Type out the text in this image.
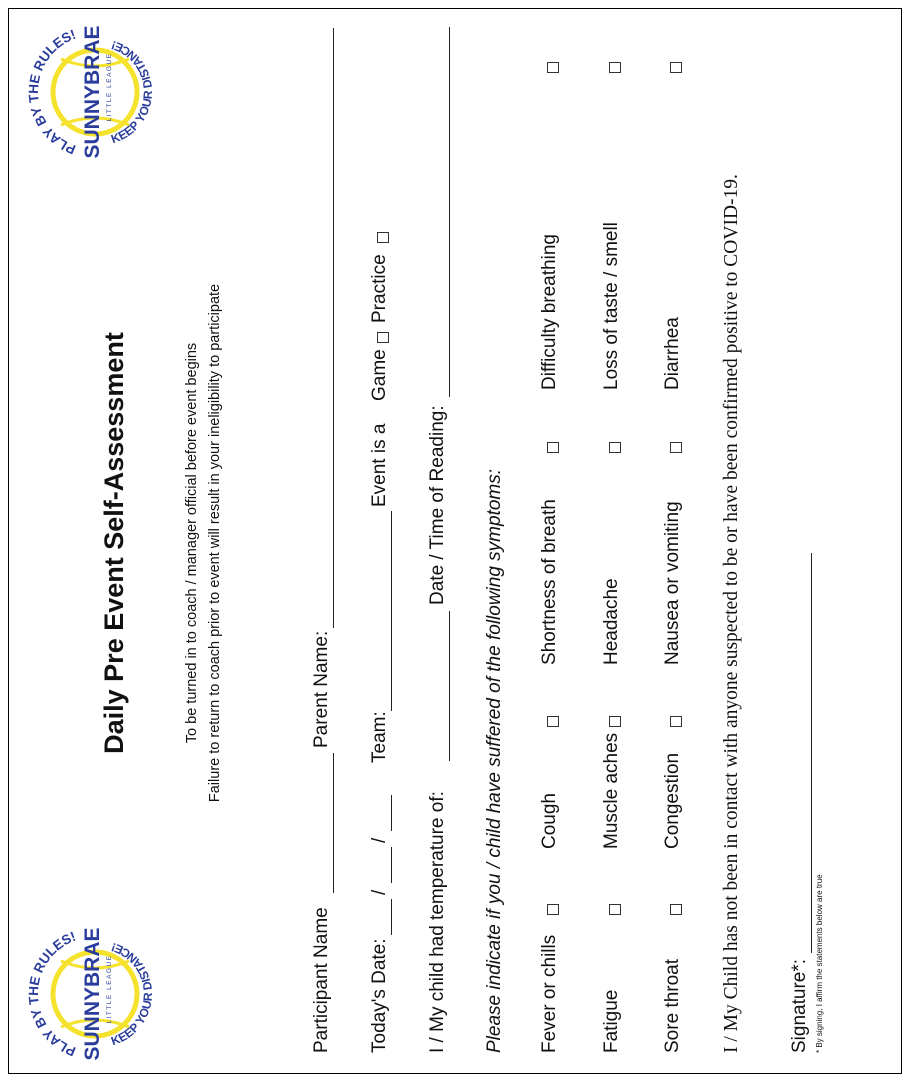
PLAY BY THE RULES! SUNNYBRAE LITTLE LEAGUE
KEEP YOUR DISTANCE!
PLAY BY THE RULES! SUNNYBRAE LITTLE LEAGUE
KEEP YOUR DISTANCE!
Daily Pre Event Self-Assessment	To be turned in to coach / manager official before event begins Failure to return to coach prior to event will result in your ineligibility to participate
Participant Name
Parent Name:
Today's Date:
/
/
Team:
Event is a
Game
Practice
I / My child had temperature of:
Date / Time of Reading: Please indicate if you / child have suffered of the following symptoms: Fever or chills
Cough
Shortness of breath
Difficulty breathing
Fatigue
Muscle aches
Headache
Loss of taste / smell
Sore throat
Congestion
Nausea or vomiting
Diarrhea I / My Child has not been in contact with anyone suspected to be or have been confirmed positive to COVID-19. Signature*: * By signing, I affirm the statements below are true
